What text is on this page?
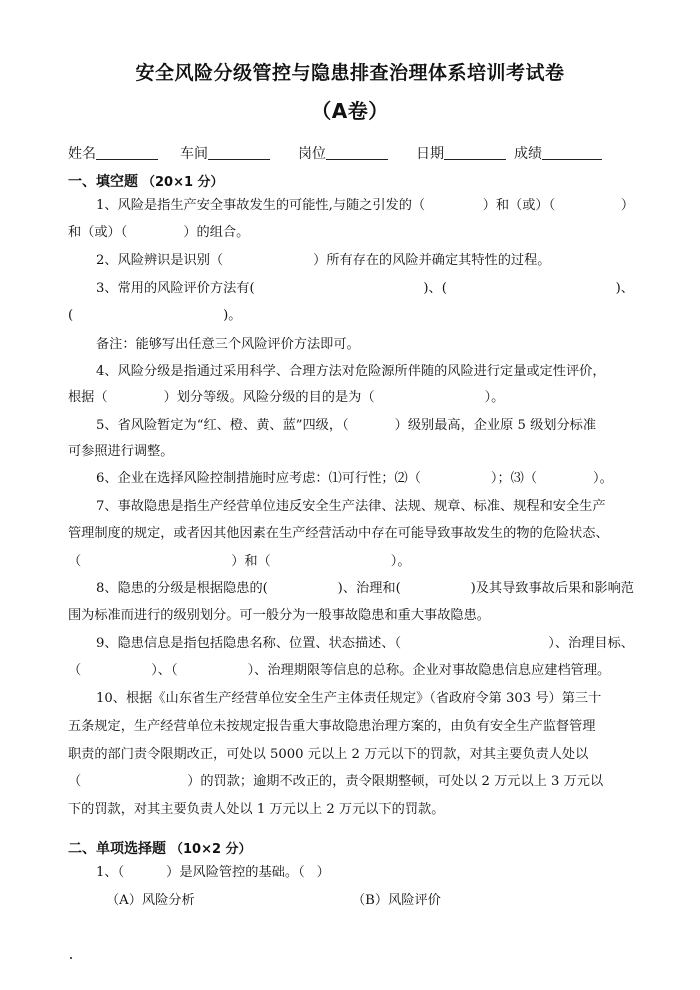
安全风险分级管控与隐患排查治理体系培训考试卷
（A卷）
姓名	车间	岗位	日期	成绩
一、填空题 （20×1 分）
1、风险是指生产安全事故发生的可能性,与随之引发的（	）和（或）（	）
和（或）（	）的组合。
2、风险辨识是识别（	）所有存在的风险并确定其特性的过程。
3、常用的风险评价方法有(	)、(	)、
(	)。
备注：能够写出任意三个风险评价方法即可。
4、风险分级是指通过采用科学、合理方法对危险源所伴随的风险进行定量或定性评价，
根据（	）划分等级。风险分级的目的是为（	）。
5、省风险暂定为“红、橙、黄、蓝”四级，（	）级别最高，企业原 5 级划分标准
可参照进行调整。
6、企业在选择风险控制措施时应考虑：⑴可行性；⑵（	）；⑶（	）。
7、事故隐患是指生产经营单位违反安全生产法律、法规、规章、标准、规程和安全生产
管理制度的规定，或者因其他因素在生产经营活动中存在可能导致事故发生的物的危险状态、
（	）和（	）。
8、隐患的分级是根据隐患的(	)、治理和(	)及其导致事故后果和影响范
围为标准而进行的级别划分。可一般分为一般事故隐患和重大事故隐患。
9、隐患信息是指包括隐患名称、位置、状态描述、（	）、治理目标、
（	）、（	）、治理期限等信息的总称。企业对事故隐患信息应建档管理。
10、根据《山东省生产经营单位安全生产主体责任规定》（省政府令第 303 号）第三十
五条规定，生产经营单位未按规定报告重大事故隐患治理方案的，由负有安全生产监督管理
职责的部门责令限期改正，可处以 5000 元以上 2 万元以下的罚款，对其主要负责人处以
（	）的罚款；逾期不改正的，责令限期整顿，可处以 2 万元以上 3 万元以
下的罚款，对其主要负责人处以 1 万元以上 2 万元以下的罚款。
二、单项选择题 （10×2 分）
1、（	）是风险管控的基础。（ ）
（A）风险分析	（B）风险评价
